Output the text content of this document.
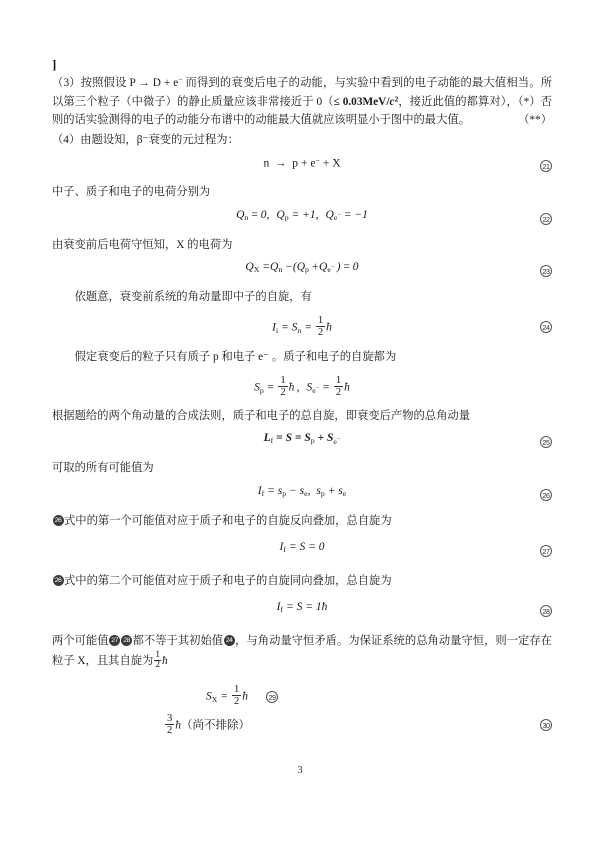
]

（3）按照假设 P → D + e− 而得到的衰变后电子的动能，与实验中看到的电子动能的最大值相当。所以第三个粒子（中微子）的静止质量应该非常接近于 $0(\le 0.03MeV/c^2$，接近此值的都算对），（*）否则的话实验测得的电子的动能分布谱中的动能最大值就应该明显小于图中的最大值。	（**）

（4）由题设知，β⁻衰变的元过程为：

n → p + e− + X	21

中子、质子和电子的电荷分别为

$Q_n = 0$, $Q_p = +1$, $Q_{e^-} = -1$	22

由衰变前后电荷守恒知，X 的电荷为

$Q_X =Q_n -(Q_p +Q_{e^-}$ ) = 0	23

依题意，衰变前系统的角动量即中子的自旋，有

$I_i = S_n = \frac{1}{2}$ ħ	24

假定衰变后的粒子只有质子 p 和电子 e⁻ 。质子和电子的自旋都为

$S_p = \frac{1}{2}$ ħ , $S_{e^-} = \frac{1}{2}$ ħ

根据题给的两个角动量的合成法则，质子和电子的总自旋，即衰变后产物的总角动量

$L_f = S = S_p + S_{e^-}$	25

可取的所有可能值为

$I_f = s_p - s_e$, $s_p + s_e$	26

26 式中的第一个可能值对应于质子和电子的自旋反向叠加，总自旋为

$I_f = S = 0$	27

26 式中的第二个可能值对应于质子和电子的自旋同向叠加，总自旋为

$I_f = S$ = 1ħ	28

两个可能值 27 28 都不等于其初始值 24 ，与角动量守恒矛盾。为保证系统的总角动量守恒，则一定存在粒子 X，且其自旋为 $\frac{1}{2}$ ħ

$S_X = \frac{1}{2}$ ħ	29
$\frac{3}{2}$ ħ（尚不排除）	30
3
